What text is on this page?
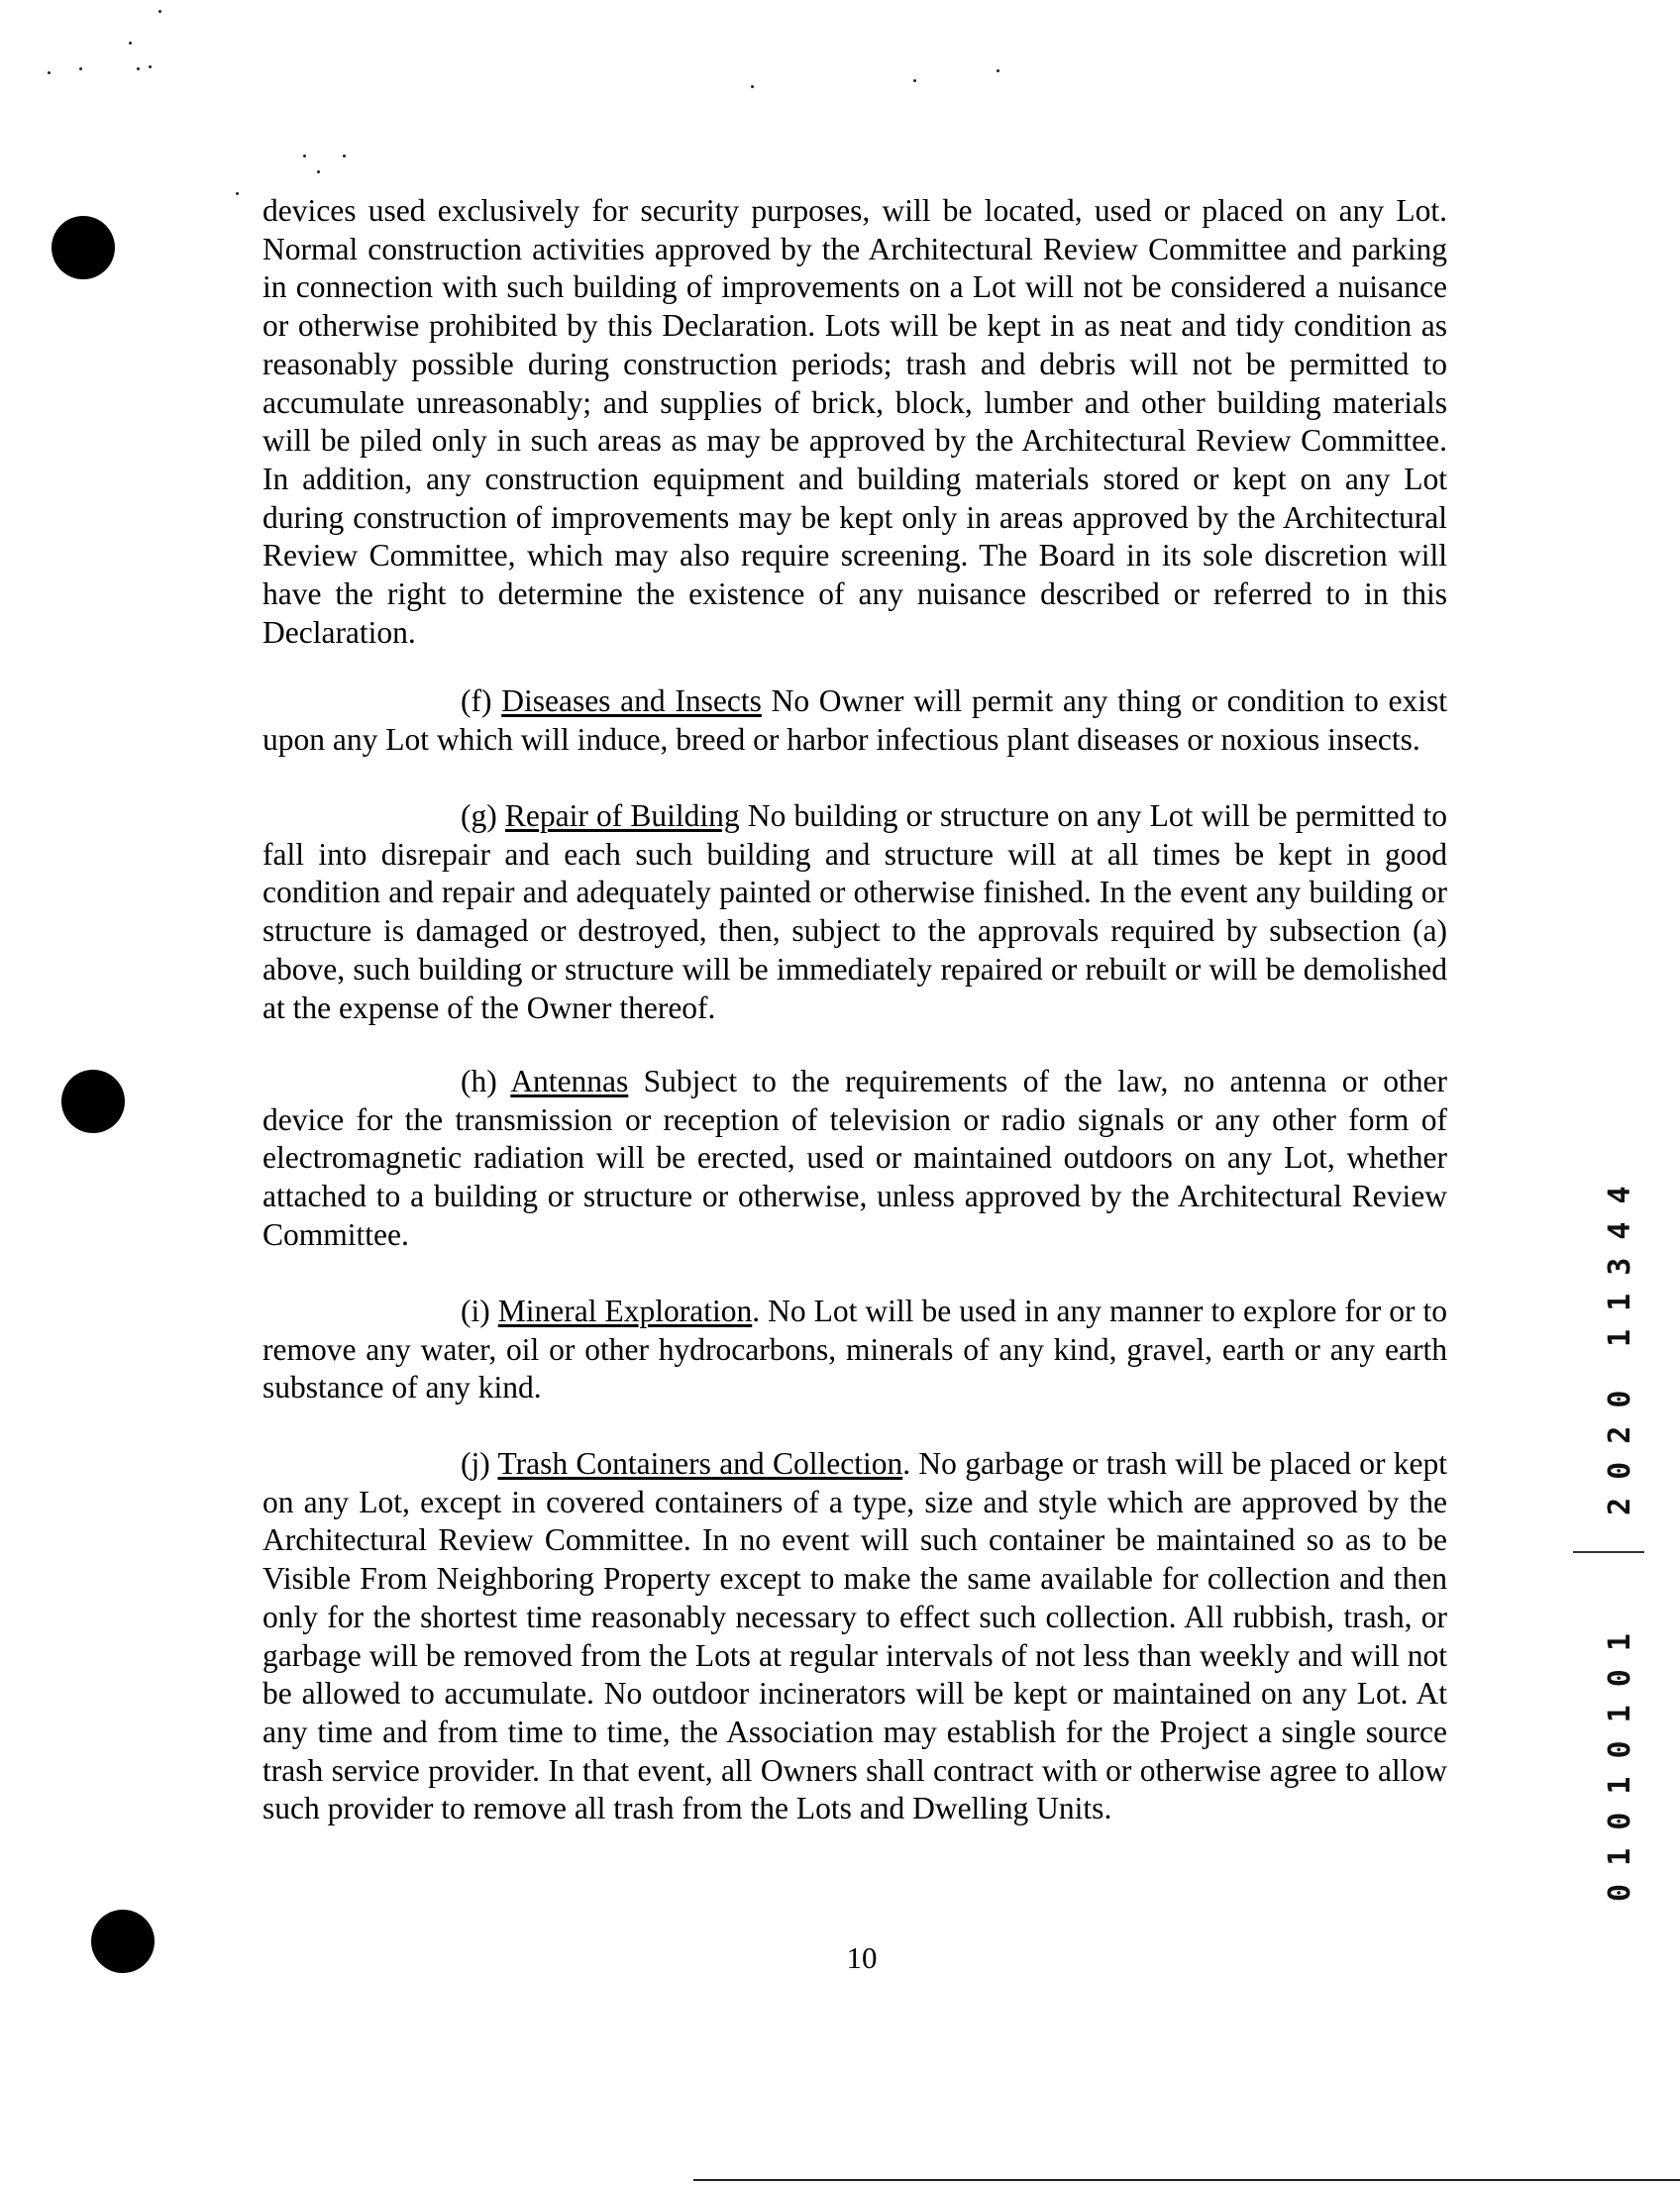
devices used exclusively for security purposes, will be located, used or placed on any Lot. Normal construction activities approved by the Architectural Review Committee and parking in connection with such building of improvements on a Lot will not be considered a nuisance or otherwise prohibited by this Declaration. Lots will be kept in as neat and tidy condition as reasonably possible during construction periods; trash and debris will not be permitted to accumulate unreasonably; and supplies of brick, block, lumber and other building materials will be piled only in such areas as may be approved by the Architectural Review Committee. In addition, any construction equipment and building materials stored or kept on any Lot during construction of improvements may be kept only in areas approved by the Architectural Review Committee, which may also require screening. The Board in its sole discretion will have the right to determine the existence of any nuisance described or referred to in this Declaration.

(f) Diseases and Insects No Owner will permit any thing or condition to exist upon any Lot which will induce, breed or harbor infectious plant diseases or noxious insects.

(g) Repair of Building No building or structure on any Lot will be permitted to fall into disrepair and each such building and structure will at all times be kept in good condition and repair and adequately painted or otherwise finished. In the event any building or structure is damaged or destroyed, then, subject to the approvals required by subsection (a) above, such building or structure will be immediately repaired or rebuilt or will be demolished at the expense of the Owner thereof.

(h) Antennas Subject to the requirements of the law, no antenna or other device for the transmission or reception of television or radio signals or any other form of electromagnetic radiation will be erected, used or maintained outdoors on any Lot, whether attached to a building or structure or otherwise, unless approved by the Architectural Review Committee.

(i) Mineral Exploration. No Lot will be used in any manner to explore for or to remove any water, oil or other hydrocarbons, minerals of any kind, gravel, earth or any earth substance of any kind.

(j) Trash Containers and Collection. No garbage or trash will be placed or kept on any Lot, except in covered containers of a type, size and style which are approved by the Architectural Review Committee. In no event will such container be maintained so as to be Visible From Neighboring Property except to make the same available for collection and then only for the shortest time reasonably necessary to effect such collection. All rubbish, trash, or garbage will be removed from the Lots at regular intervals of not less than weekly and will not be allowed to accumulate. No outdoor incinerators will be kept or maintained on any Lot. At any time and from time to time, the Association may establish for the Project a single source trash service provider. In that event, all Owners shall contract with or otherwise agree to allow such provider to remove all trash from the Lots and Dwelling Units.

10
1 1 3 4 4
2 0 2 0
0 1 0 1 0 1 0 1
